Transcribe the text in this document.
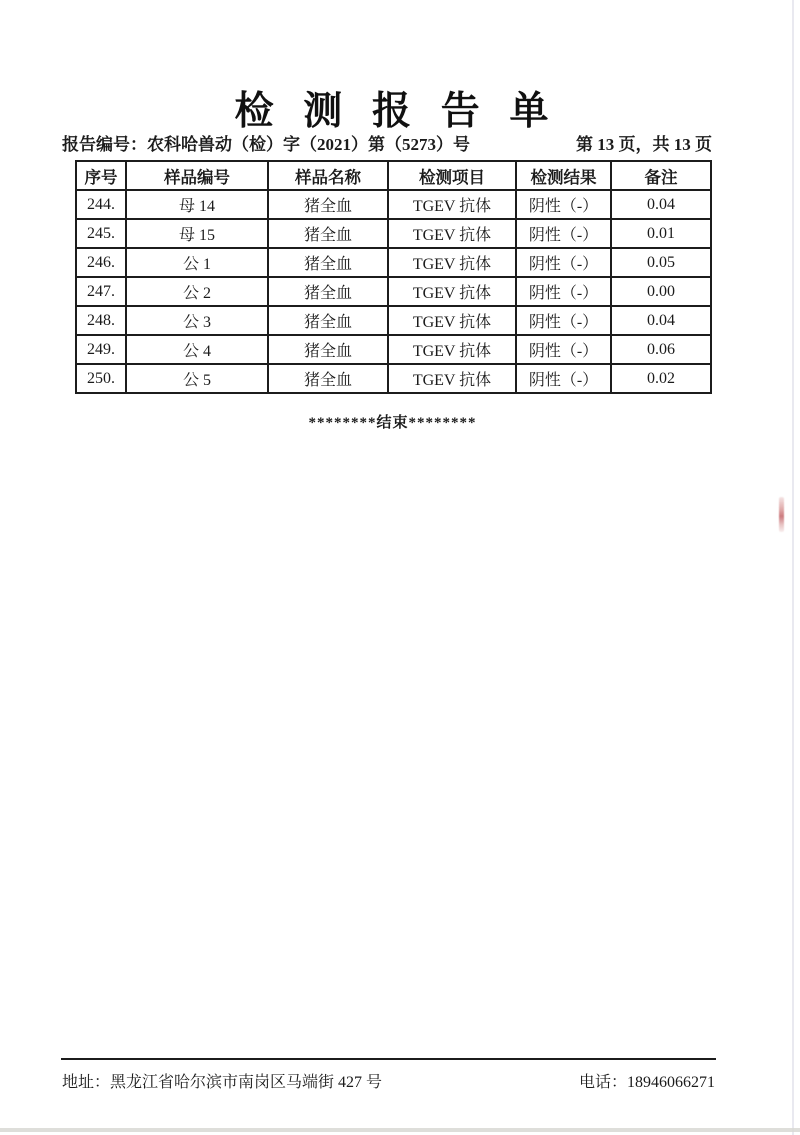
检 测 报 告 单
报告编号：农科哈兽动（检）字（2021）第（5273）号	第 13 页，共 13 页
序号	样品编号	样品名称	检测项目	检测结果	备注
244.	母 14	猪全血	TGEV 抗体	阴性（-）	0.04
245.	母 15	猪全血	TGEV 抗体	阴性（-）	0.01
246.	公 1	猪全血	TGEV 抗体	阴性（-）	0.05
247.	公 2	猪全血	TGEV 抗体	阴性（-）	0.00
248.	公 3	猪全血	TGEV 抗体	阴性（-）	0.04
249.	公 4	猪全血	TGEV 抗体	阴性（-）	0.06
250.	公 5	猪全血	TGEV 抗体	阴性（-）	0.02
********结束********
地址：黑龙江省哈尔滨市南岗区马端街 427 号	电话：18946066271
